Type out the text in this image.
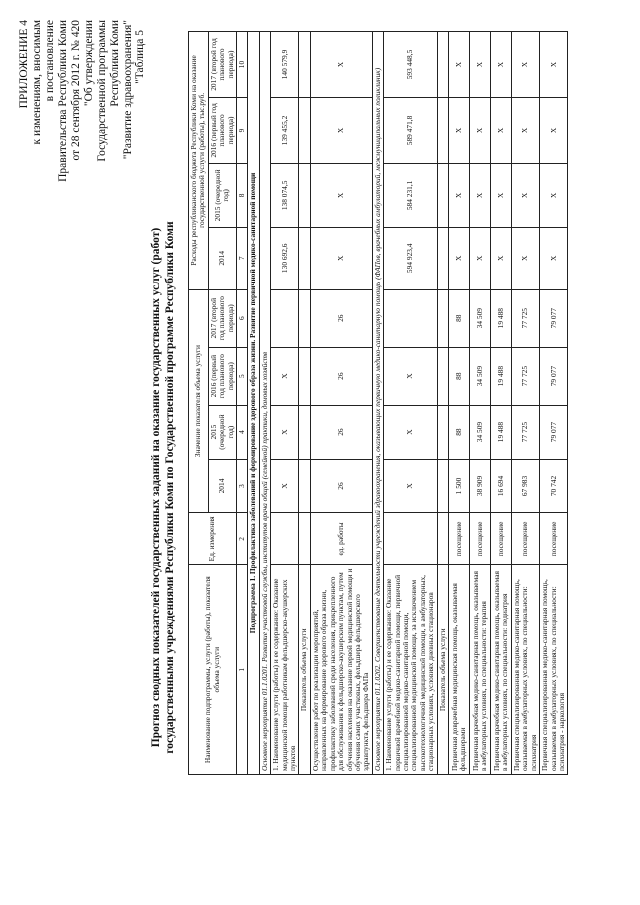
ПРИЛОЖЕНИЕ 4 к изменениям, вносимым в постановление Правительства Республики Коми от 28 сентября 2012 г. № 420 "Об утверждении Государственной программы Республики Коми "Развитие здравоохранения" "Таблица 5
Прогноз сводных показателей государственных заданий на оказание государственных услуг (работ) государственными учреждениями Республики Коми по Государственной программе Республики Коми	Наименование подпрограммы, услуги (работы), показателя объема услуги	Ед. измерения	Значение показателя объема услуги				Расходы республиканского бюджета Республики Коми на оказание государственной услуги (работы), тыс.руб.			
		2014	2015 (очередной год)	2016 (первый год планового периода)	2017 (второй год планового периода)	2014	2015 (очередной год)	2016 (первый год планового периода)	2017 (второй год планового периода)
1	2	3	4	5	6	7	8	9	10
Подпрограмма 1. Профилактика заболеваний и формирование здорового образа жизни. Развитие первичной медико-санитарной помощи									
Основное мероприятие 01.1.0201. Развитие участковой службы, институтов врача общей (семейной) практики, домовых хозяйств									
1. Наименование услуги (работы) и ее содержание: Оказание медицинской помощи работникам фельдшерско-акушерских пунктов		X	X	X		130 692,6	138 074,5	139 455,2	140 579,9
Показатель объема услуги									
Осуществление работ по реализации мероприятий, направленных на формирование здорового образа жизни, профилактику заболеваний среди населения, прикрепленного для обслуживания к фельдшерско-акушерским пунктам, путем обучения населения на оказание первой медицинской помощи и обучения самих участковых, фельдшера фельдшерского здравпункта, фельдшера ФАПа	ед. работы	26	26	26	26	X	X	X	X
Основное мероприятие 01.1.0202. Совершенствование деятельности учреждений здравоохранения, оказывающих первичную медико-санитарную помощь (ФАПов, врачебных амбулаторий, межмуниципальных поликлиник)									
1. Наименование услуги (работы) и ее содержание: Оказание первичной врачебной медико-санитарной помощи, первичной специализированной медико-санитарной помощи, специализированной медицинской помощи, за исключением высокотехнологичной медицинской помощи, в амбулаторных, стационарных условиях, условиях дневных стационаров		X	X	X		594 923,4	584 231,1	589 471,8	593 448,5
Показатель объема услуги									
Первичная доврачебная медицинская помощь, оказываемая фельдшерами	посещение	1 500	88	88	88	X	X	X	X
Первичная врачебная медико-санитарная помощь, оказываемая в амбулаторных условиях, по специальности: терапия	посещение	38 909	34 509	34 509	34 509	X	X	X	X
Первичная врачебная медико-санитарная помощь, оказываемая в амбулаторных условиях, по специальности: педиатрия	посещение	16 694	19 488	19 488	19 488	X	X	X	X
Первичная специализированная медико-санитарная помощь, оказываемая в амбулаторных условиях, по специальности: психиатрия	посещение	67 983	77 725	77 725	77 725	X	X	X	X
Первичная специализированная медико-санитарная помощь, оказываемая в амбулаторных условиях, по специальности: психиатрия - наркология	посещение	70 742	79 077	79 077	79 077	X	X	X	X
